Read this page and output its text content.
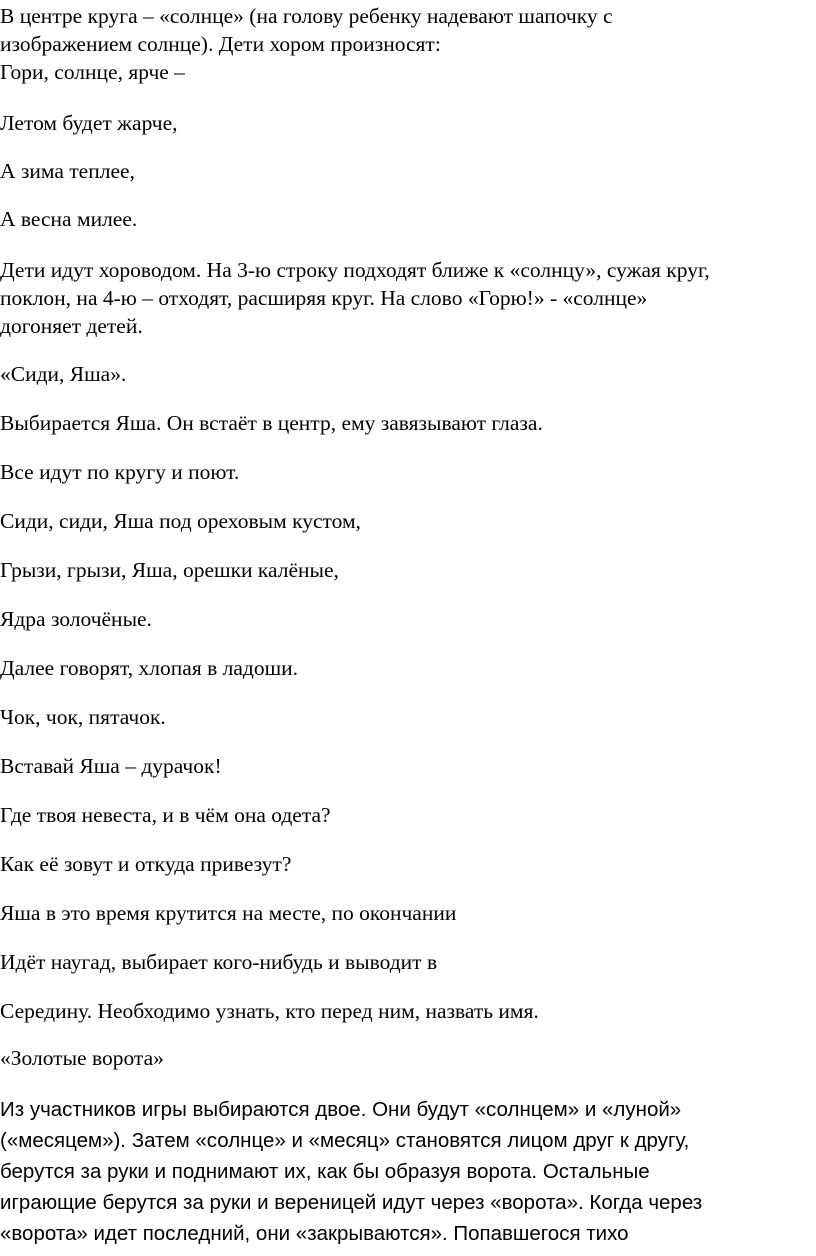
В центре круга – «солнце» (на голову ребенку надевают шапочку с
изображением солнце). Дети хором произносят:
Гори, солнце, ярче –
Летом будет жарче,
А зима теплее,
А весна милее.
Дети идут хороводом. На 3-ю строку подходят ближе к «солнцу», сужая круг,
поклон, на 4-ю – отходят, расширяя круг. На слово «Горю!» - «солнце»
догоняет детей.
«Сиди, Яша».
Выбирается Яша. Он встаёт в центр, ему завязывают глаза.
Все идут по кругу и поют.
Сиди, сиди, Яша под ореховым кустом,
Грызи, грызи, Яша, орешки калёные,
Ядра золочёные.
Далее говорят, хлопая в ладоши.
Чок, чок, пятачок.
Вставай Яша – дурачок!
Где твоя невеста, и в чём она одета?
Как её зовут и откуда привезут?
Яша в это время крутится на месте, по окончании
Идёт наугад, выбирает кого-нибудь и выводит в
Середину. Необходимо узнать, кто перед ним, назвать имя.
«Золотые ворота»
Из участников игры выбираются двое. Они будут «солнцем» и «луной»
(«месяцем»). Затем «солнце» и «месяц» становятся лицом друг к другу,
берутся за руки и поднимают их, как бы образуя ворота. Остальные
играющие берутся за руки и вереницей идут через «ворота». Когда через
«ворота» идет последний, они «закрываются». Попавшегося тихо
